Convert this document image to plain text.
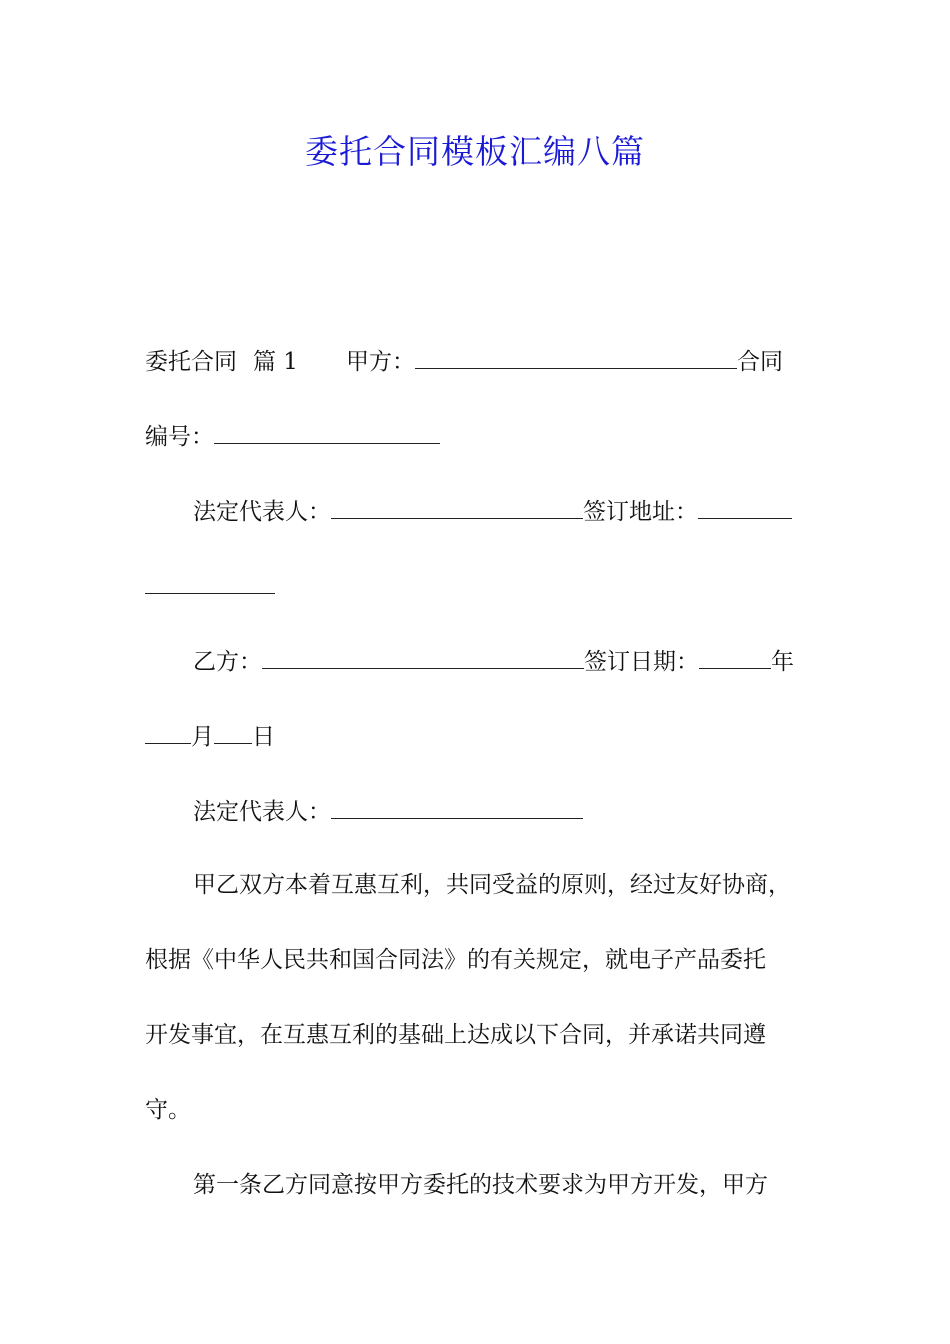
委托合同模板汇编八篇
委托合同 篇 1 甲方：	合同
编号：
法定代表人：	签订地址：
乙方：	签订日期：	年
月 日
法定代表人：
甲乙双方本着互惠互利，共同受益的原则，经过友好协商，
根据《中华人民共和国合同法》的有关规定，就电子产品委托
开发事宜，在互惠互利的基础上达成以下合同，并承诺共同遵
守。
第一条乙方同意按甲方委托的技术要求为甲方开发，甲方
